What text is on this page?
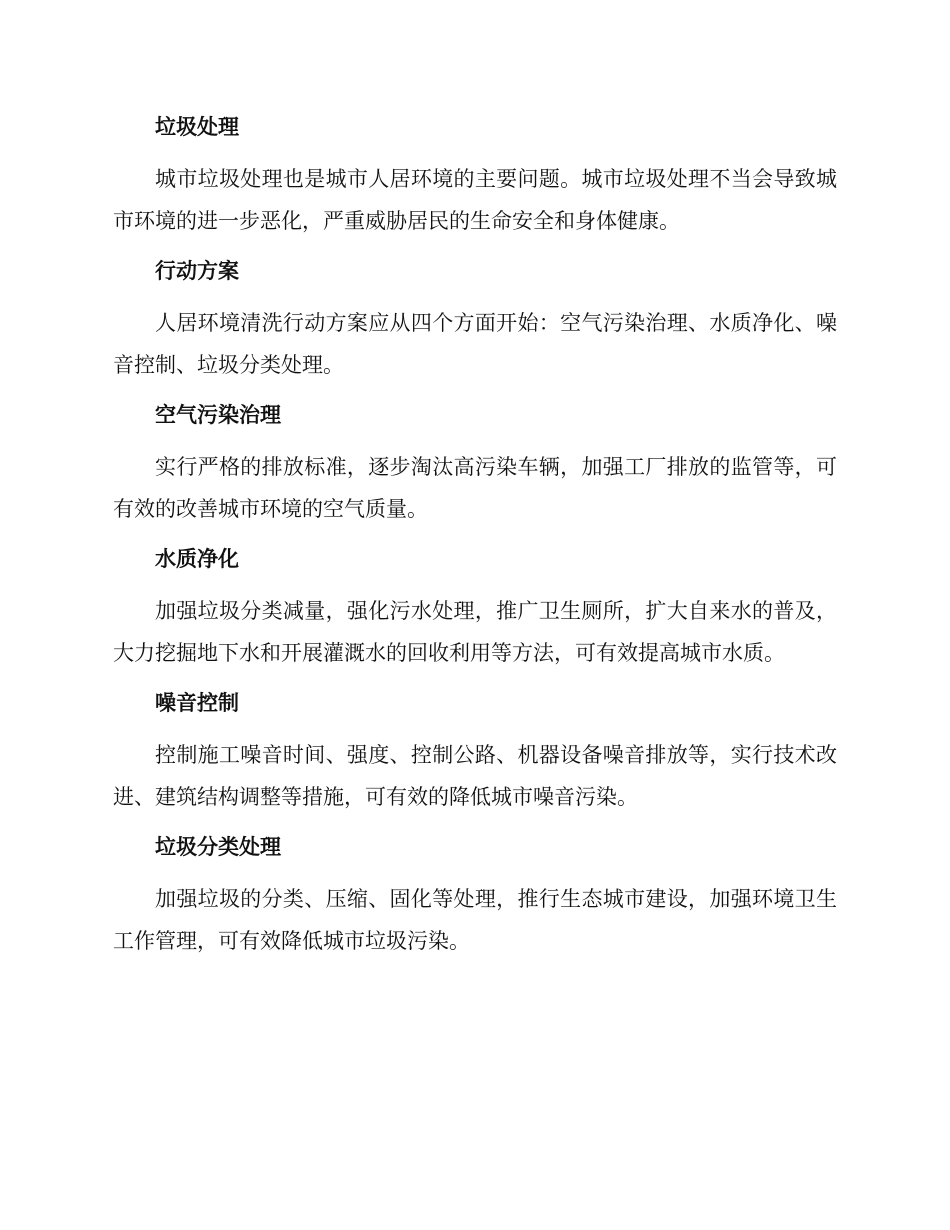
垃圾处理

城市垃圾处理也是城市人居环境的主要问题。城市垃圾处理不当会导致城市环境的进一步恶化，严重威胁居民的生命安全和身体健康。

行动方案

人居环境清洗行动方案应从四个方面开始：空气污染治理、水质净化、噪音控制、垃圾分类处理。

空气污染治理

实行严格的排放标准，逐步淘汰高污染车辆，加强工厂排放的监管等，可有效的改善城市环境的空气质量。

水质净化

加强垃圾分类减量，强化污水处理，推广卫生厕所，扩大自来水的普及，大力挖掘地下水和开展灌溉水的回收利用等方法，可有效提高城市水质。

噪音控制

控制施工噪音时间、强度、控制公路、机器设备噪音排放等，实行技术改进、建筑结构调整等措施，可有效的降低城市噪音污染。

垃圾分类处理

加强垃圾的分类、压缩、固化等处理，推行生态城市建设，加强环境卫生工作管理，可有效降低城市垃圾污染。
